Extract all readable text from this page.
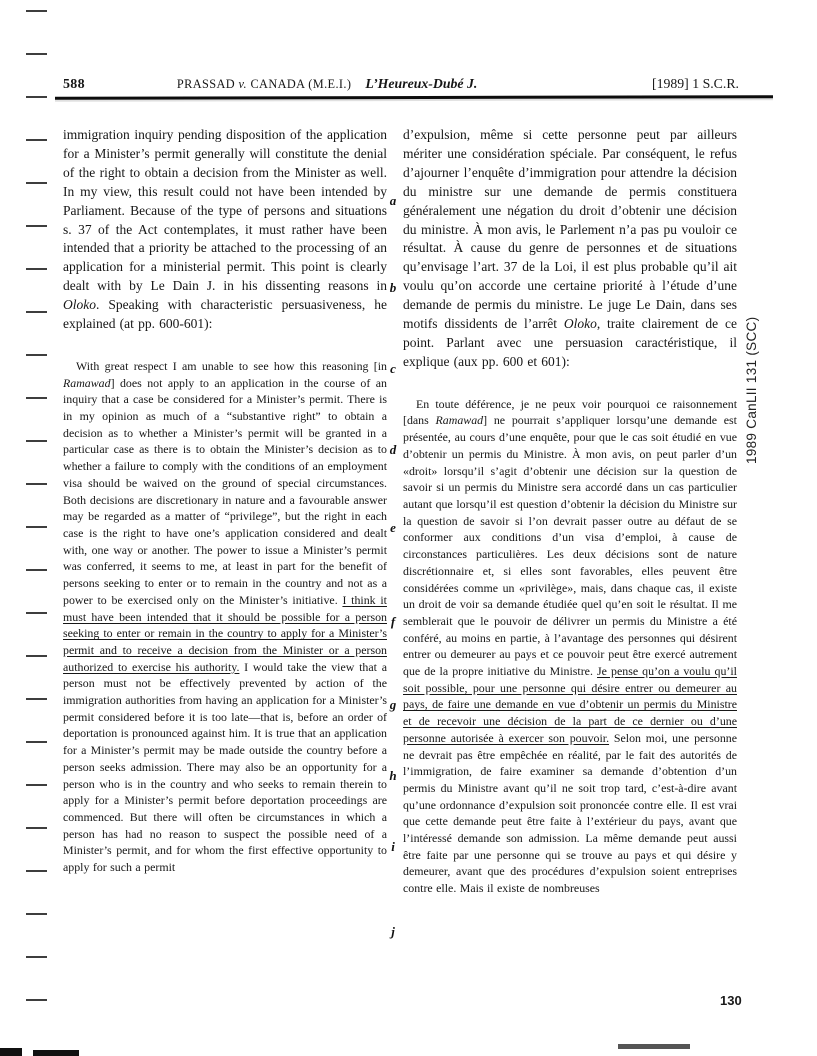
588	PRASSAD v. CANADA (M.E.I.) L’Heureux-Dubé J.	[1989] 1 S.C.R.
immigration inquiry pending disposition of the application for a Minister’s permit generally will constitute the denial of the right to obtain a decision from the Minister as well. In my view, this result could not have been intended by Parliament. Because of the type of persons and situations s. 37 of the Act contemplates, it must rather have been intended that a priority be attached to the processing of an application for a ministerial permit. This point is clearly dealt with by Le Dain J. in his dissenting reasons in Oloko. Speaking with characteristic persuasiveness, he explained (at pp. 600-601):
With great respect I am unable to see how this reasoning [in Ramawad] does not apply to an application in the course of an inquiry that a case be considered for a Minister’s permit. There is in my opinion as much of a “substantive right” to obtain a decision as to whether a Minister’s permit will be granted in a particular case as there is to obtain the Minister’s decision as to whether a failure to comply with the conditions of an employment visa should be waived on the ground of special circumstances. Both decisions are discretionary in nature and a favourable answer may be regarded as a matter of “privilege”, but the right in each case is the right to have one’s application considered and dealt with, one way or another. The power to issue a Minister’s permit was conferred, it seems to me, at least in part for the benefit of persons seeking to enter or to remain in the country and not as a power to be exercised only on the Minister’s initiative. I think it must have been intended that it should be possible for a person seeking to enter or remain in the country to apply for a Minister’s permit and to receive a decision from the Minister or a person authorized to exercise his authority. I would take the view that a person must not be effectively prevented by action of the immigration authorities from having an application for a Minister’s permit considered before it is too late—that is, before an order of deportation is pronounced against him. It is true that an application for a Minister’s permit may be made outside the country before a person seeks admission. There may also be an opportunity for a person who is in the country and who seeks to remain therein to apply for a Minister’s permit before deportation proceedings are commenced. But there will often be circumstances in which a person has had no reason to suspect the possible need of a Minister’s permit, and for whom the first effective opportunity to apply for such a permit
d’expulsion, même si cette personne peut par ailleurs mériter une considération spéciale. Par conséquent, le refus d’ajourner l’enquête d’immigration pour attendre la décision du ministre sur une demande de permis constituera généralement une négation du droit d’obtenir une décision du ministre. À mon avis, le Parlement n’a pas pu vouloir ce résultat. À cause du genre de personnes et de situations qu’envisage l’art. 37 de la Loi, il est plus probable qu’il ait voulu qu’on accorde une certaine priorité à l’étude d’une demande de permis du ministre. Le juge Le Dain, dans ses motifs dissidents de l’arrêt Oloko, traite clairement de ce point. Parlant avec une persuasion caractéristique, il explique (aux pp. 600 et 601):
En toute déférence, je ne peux voir pourquoi ce raisonnement [dans Ramawad] ne pourrait s’appliquer lorsqu’une demande est présentée, au cours d’une enquête, pour que le cas soit étudié en vue d’obtenir un permis du Ministre. À mon avis, on peut parler d’un «droit» lorsqu’il s’agit d’obtenir une décision sur la question de savoir si un permis du Ministre sera accordé dans un cas particulier autant que lorsqu’il est question d’obtenir la décision du Ministre sur la question de savoir si l’on devrait passer outre au défaut de se conformer aux conditions d’un visa d’emploi, à cause de circonstances particulières. Les deux décisions sont de nature discrétionnaire et, si elles sont favorables, elles peuvent être considérées comme un «privilège», mais, dans chaque cas, il existe un droit de voir sa demande étudiée quel qu’en soit le résultat. Il me semblerait que le pouvoir de délivrer un permis du Ministre a été conféré, au moins en partie, à l’avantage des personnes qui désirent entrer ou demeurer au pays et ce pouvoir peut être exercé autrement que de la propre initiative du Ministre. Je pense qu’on a voulu qu’il soit possible, pour une personne qui désire entrer ou demeurer au pays, de faire une demande en vue d’obtenir un permis du Ministre et de recevoir une décision de la part de ce dernier ou d’une personne autorisée à exercer son pouvoir. Selon moi, une personne ne devrait pas être empêchée en réalité, par le fait des autorités de l’immigration, de faire examiner sa demande d’obtention d’un permis du Ministre avant qu’il ne soit trop tard, c’est-à-dire avant qu’une ordonnance d’expulsion soit prononcée contre elle. Il est vrai que cette demande peut être faite à l’extérieur du pays, avant que l’intéressé demande son admission. La même demande peut aussi être faite par une personne qui se trouve au pays et qui désire y demeurer, avant que des procédures d’expulsion soient entreprises contre elle. Mais il existe de nombreuses
a
b
c
d
e
f
g
h
i
j
1989 CanLII 131 (SCC)
130
